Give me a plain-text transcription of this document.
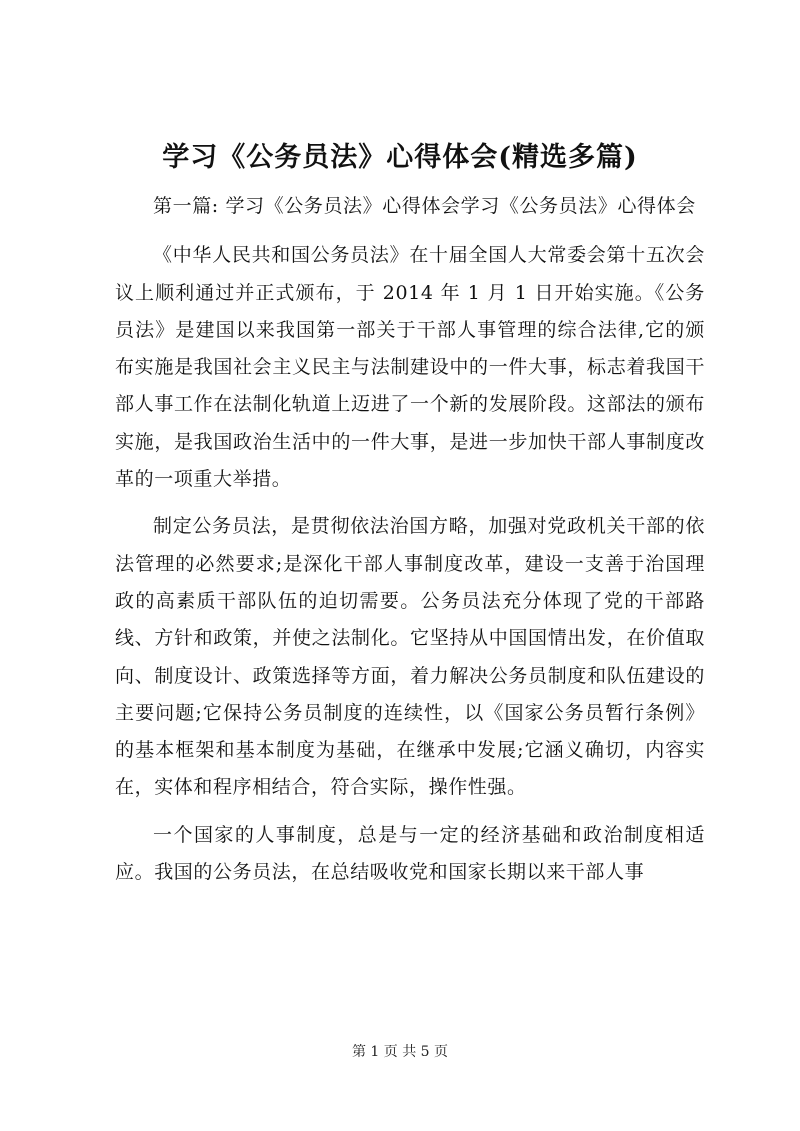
学习《公务员法》心得体会(精选多篇)

第一篇: 学习《公务员法》心得体会学习《公务员法》心得体会

《中华人民共和国公务员法》在十届全国人大常委会第十五次会议上顺利通过并正式颁布，于 2014 年 1 月 1 日开始实施。《公务员法》是建国以来我国第一部关于干部人事管理的综合法律,它的颁布实施是我国社会主义民主与法制建设中的一件大事，标志着我国干部人事工作在法制化轨道上迈进了一个新的发展阶段。这部法的颁布实施，是我国政治生活中的一件大事，是进一步加快干部人事制度改革的一项重大举措。

制定公务员法，是贯彻依法治国方略，加强对党政机关干部的依法管理的必然要求;是深化干部人事制度改革，建设一支善于治国理政的高素质干部队伍的迫切需要。公务员法充分体现了党的干部路线、方针和政策，并使之法制化。它坚持从中国国情出发，在价值取向、制度设计、政策选择等方面，着力解决公务员制度和队伍建设的主要问题;它保持公务员制度的连续性，以《国家公务员暂行条例》的基本框架和基本制度为基础，在继承中发展;它涵义确切，内容实在，实体和程序相结合，符合实际，操作性强。

一个国家的人事制度，总是与一定的经济基础和政治制度相适应。我国的公务员法，在总结吸收党和国家长期以来干部人事

第 1 页 共 5 页
